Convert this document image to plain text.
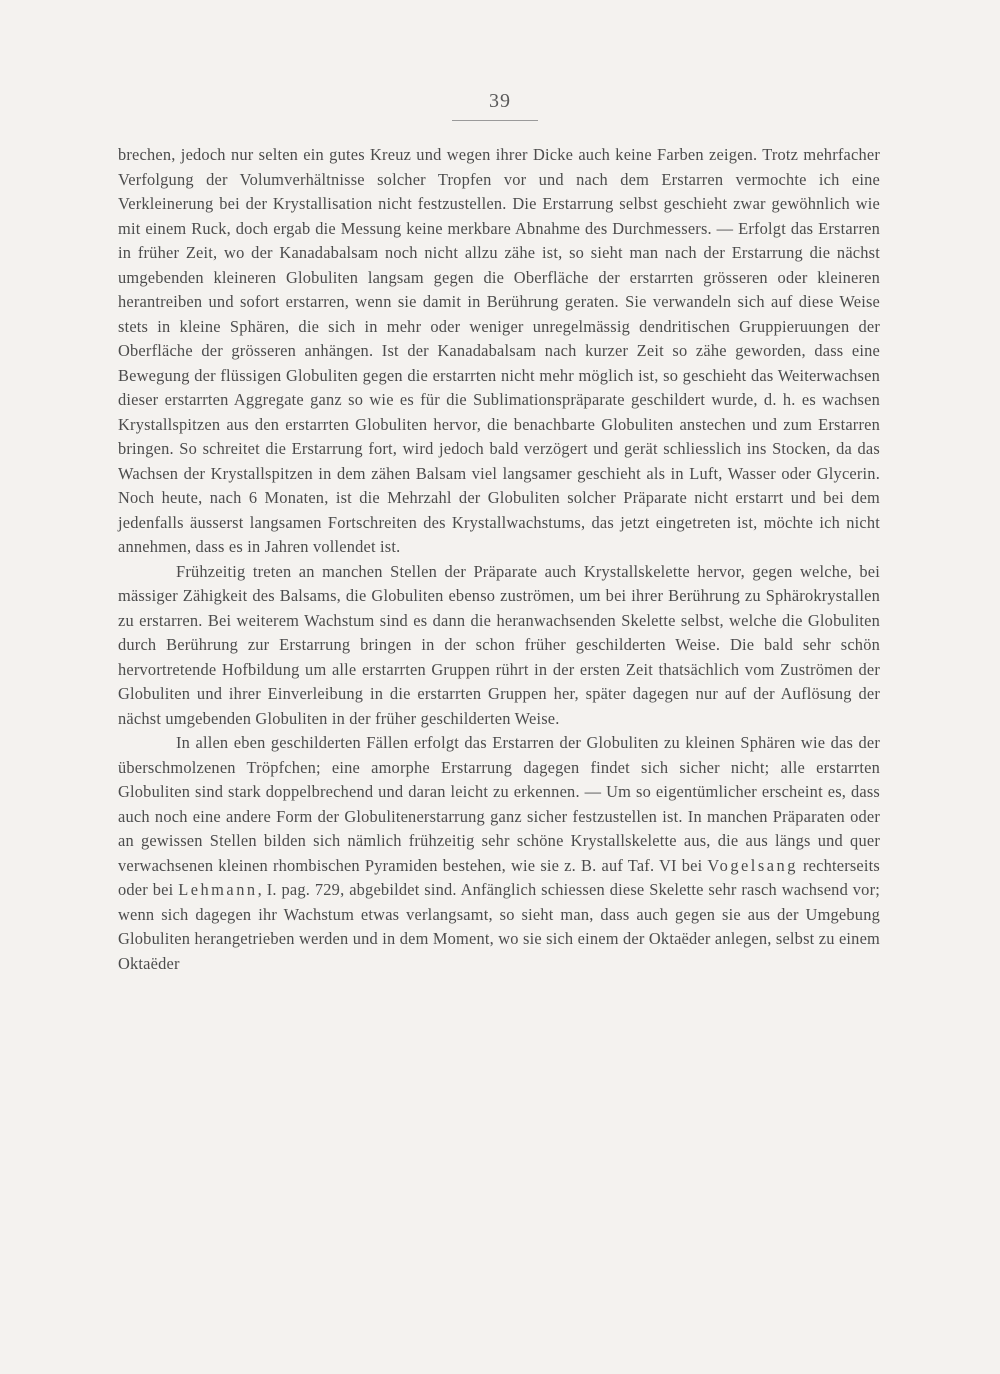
39

brechen, jedoch nur selten ein gutes Kreuz und wegen ihrer Dicke auch keine Farben zeigen. Trotz mehrfacher Verfolgung der Volumverhältnisse solcher Tropfen vor und nach dem Erstarren vermochte ich eine Verkleinerung bei der Krystallisation nicht festzustellen. Die Erstarrung selbst geschieht zwar gewöhnlich wie mit einem Ruck, doch ergab die Messung keine merkbare Abnahme des Durchmessers. — Erfolgt das Erstarren in früher Zeit, wo der Kanadabalsam noch nicht allzu zähe ist, so sieht man nach der Erstarrung die nächst umgebenden kleineren Globuliten langsam gegen die Oberfläche der erstarrten grösseren oder kleineren herantreiben und sofort erstarren, wenn sie damit in Berührung geraten. Sie verwandeln sich auf diese Weise stets in kleine Sphären, die sich in mehr oder weniger unregelmässig dendritischen Gruppieruungen der Oberfläche der grösseren anhängen. Ist der Kanadabalsam nach kurzer Zeit so zähe geworden, dass eine Bewegung der flüssigen Globuliten gegen die erstarrten nicht mehr möglich ist, so geschieht das Weiterwachsen dieser erstarrten Aggregate ganz so wie es für die Sublimationspräparate geschildert wurde, d. h. es wachsen Krystallspitzen aus den erstarrten Globuliten hervor, die benachbarte Globuliten anstechen und zum Erstarren bringen. So schreitet die Erstarrung fort, wird jedoch bald verzögert und gerät schliesslich ins Stocken, da das Wachsen der Krystallspitzen in dem zähen Balsam viel langsamer geschieht als in Luft, Wasser oder Glycerin. Noch heute, nach 6 Monaten, ist die Mehrzahl der Globuliten solcher Präparate nicht erstarrt und bei dem jedenfalls äusserst langsamen Fortschreiten des Krystallwachstums, das jetzt eingetreten ist, möchte ich nicht annehmen, dass es in Jahren vollendet ist.

Frühzeitig treten an manchen Stellen der Präparate auch Krystallskelette hervor, gegen welche, bei mässiger Zähigkeit des Balsams, die Globuliten ebenso zuströmen, um bei ihrer Berührung zu Sphärokrystallen zu erstarren. Bei weiterem Wachstum sind es dann die heranwachsenden Skelette selbst, welche die Globuliten durch Berührung zur Erstarrung bringen in der schon früher geschilderten Weise. Die bald sehr schön hervortretende Hofbildung um alle erstarrten Gruppen rührt in der ersten Zeit thatsächlich vom Zuströmen der Globuliten und ihrer Einverleibung in die erstarrten Gruppen her, später dagegen nur auf der Auflösung der nächst umgebenden Globuliten in der früher geschilderten Weise.

In allen eben geschilderten Fällen erfolgt das Erstarren der Globuliten zu kleinen Sphären wie das der überschmolzenen Tröpfchen; eine amorphe Erstarrung dagegen findet sich sicher nicht; alle erstarrten Globuliten sind stark doppelbrechend und daran leicht zu erkennen. — Um so eigentümlicher erscheint es, dass auch noch eine andere Form der Globulitenerstarrung ganz sicher festzustellen ist. In manchen Präparaten oder an gewissen Stellen bilden sich nämlich frühzeitig sehr schöne Krystallskelette aus, die aus längs und quer verwachsenen kleinen rhombischen Pyramiden bestehen, wie sie z. B. auf Taf. VI bei Vogelsang rechterseits oder bei Lehmann, I. pag. 729, abgebildet sind. Anfänglich schiessen diese Skelette sehr rasch wachsend vor; wenn sich dagegen ihr Wachstum etwas verlangsamt, so sieht man, dass auch gegen sie aus der Umgebung Globuliten herangetrieben werden und in dem Moment, wo sie sich einem der Oktaëder anlegen, selbst zu einem Oktaëder
